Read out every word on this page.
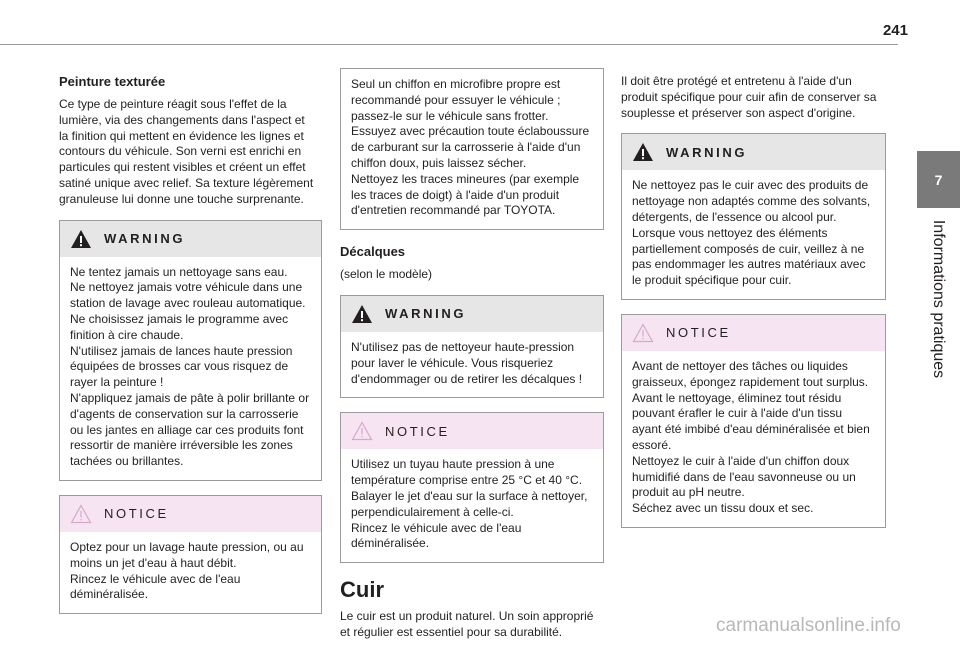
241
7
Informations pratiques
Peinture texturée

Ce type de peinture réagit sous l'effet de la
lumière, via des changements dans l'aspect et
la finition qui mettent en évidence les lignes et
contours du véhicule. Son verni est enrichi en
particules qui restent visibles et créent un effet
satiné unique avec relief. Sa texture légèrement
granuleuse lui donne une touche surprenante.

WARNING

Ne tentez jamais un nettoyage sans eau.
Ne nettoyez jamais votre véhicule dans une
station de lavage avec rouleau automatique.
Ne choisissez jamais le programme avec
finition à cire chaude.
N'utilisez jamais de lances haute pression
équipées de brosses car vous risquez de
rayer la peinture !
N'appliquez jamais de pâte à polir brillante or
d'agents de conservation sur la carrosserie
ou les jantes en alliage car ces produits font
ressortir de manière irréversible les zones
tachées ou brillantes.

NOTICE

Optez pour un lavage haute pression, ou au
moins un jet d'eau à haut débit.
Rincez le véhicule avec de l'eau
déminéralisée.

Seul un chiffon en microfibre propre est
recommandé pour essuyer le véhicule ;
passez-le sur le véhicule sans frotter.
Essuyez avec précaution toute éclaboussure
de carburant sur la carrosserie à l'aide d'un
chiffon doux, puis laissez sécher.
Nettoyez les traces mineures (par exemple
les traces de doigt) à l'aide d'un produit
d'entretien recommandé par TOYOTA.

Décalques

(selon le modèle)

WARNING

N'utilisez pas de nettoyeur haute-pression
pour laver le véhicule. Vous risqueriez
d'endommager ou de retirer les décalques !

NOTICE

Utilisez un tuyau haute pression à une
température comprise entre 25 °C et 40 °C.
Balayer le jet d'eau sur la surface à nettoyer,
perpendiculairement à celle-ci.
Rincez le véhicule avec de l'eau
déminéralisée.

Cuir

Le cuir est un produit naturel. Un soin approprié
et régulier est essentiel pour sa durabilité.

Il doit être protégé et entretenu à l'aide d'un
produit spécifique pour cuir afin de conserver sa
souplesse et préserver son aspect d'origine.

WARNING

Ne nettoyez pas le cuir avec des produits de
nettoyage non adaptés comme des solvants,
détergents, de l'essence ou alcool pur.
Lorsque vous nettoyez des éléments
partiellement composés de cuir, veillez à ne
pas endommager les autres matériaux avec
le produit spécifique pour cuir.

NOTICE

Avant de nettoyer des tâches ou liquides
graisseux, épongez rapidement tout surplus.
Avant le nettoyage, éliminez tout résidu
pouvant érafler le cuir à l'aide d'un tissu
ayant été imbibé d'eau déminéralisée et bien
essoré.
Nettoyez le cuir à l'aide d'un chiffon doux
humidifié dans de l'eau savonneuse ou un
produit au pH neutre.
Séchez avec un tissu doux et sec.

carmanualsonline.info
